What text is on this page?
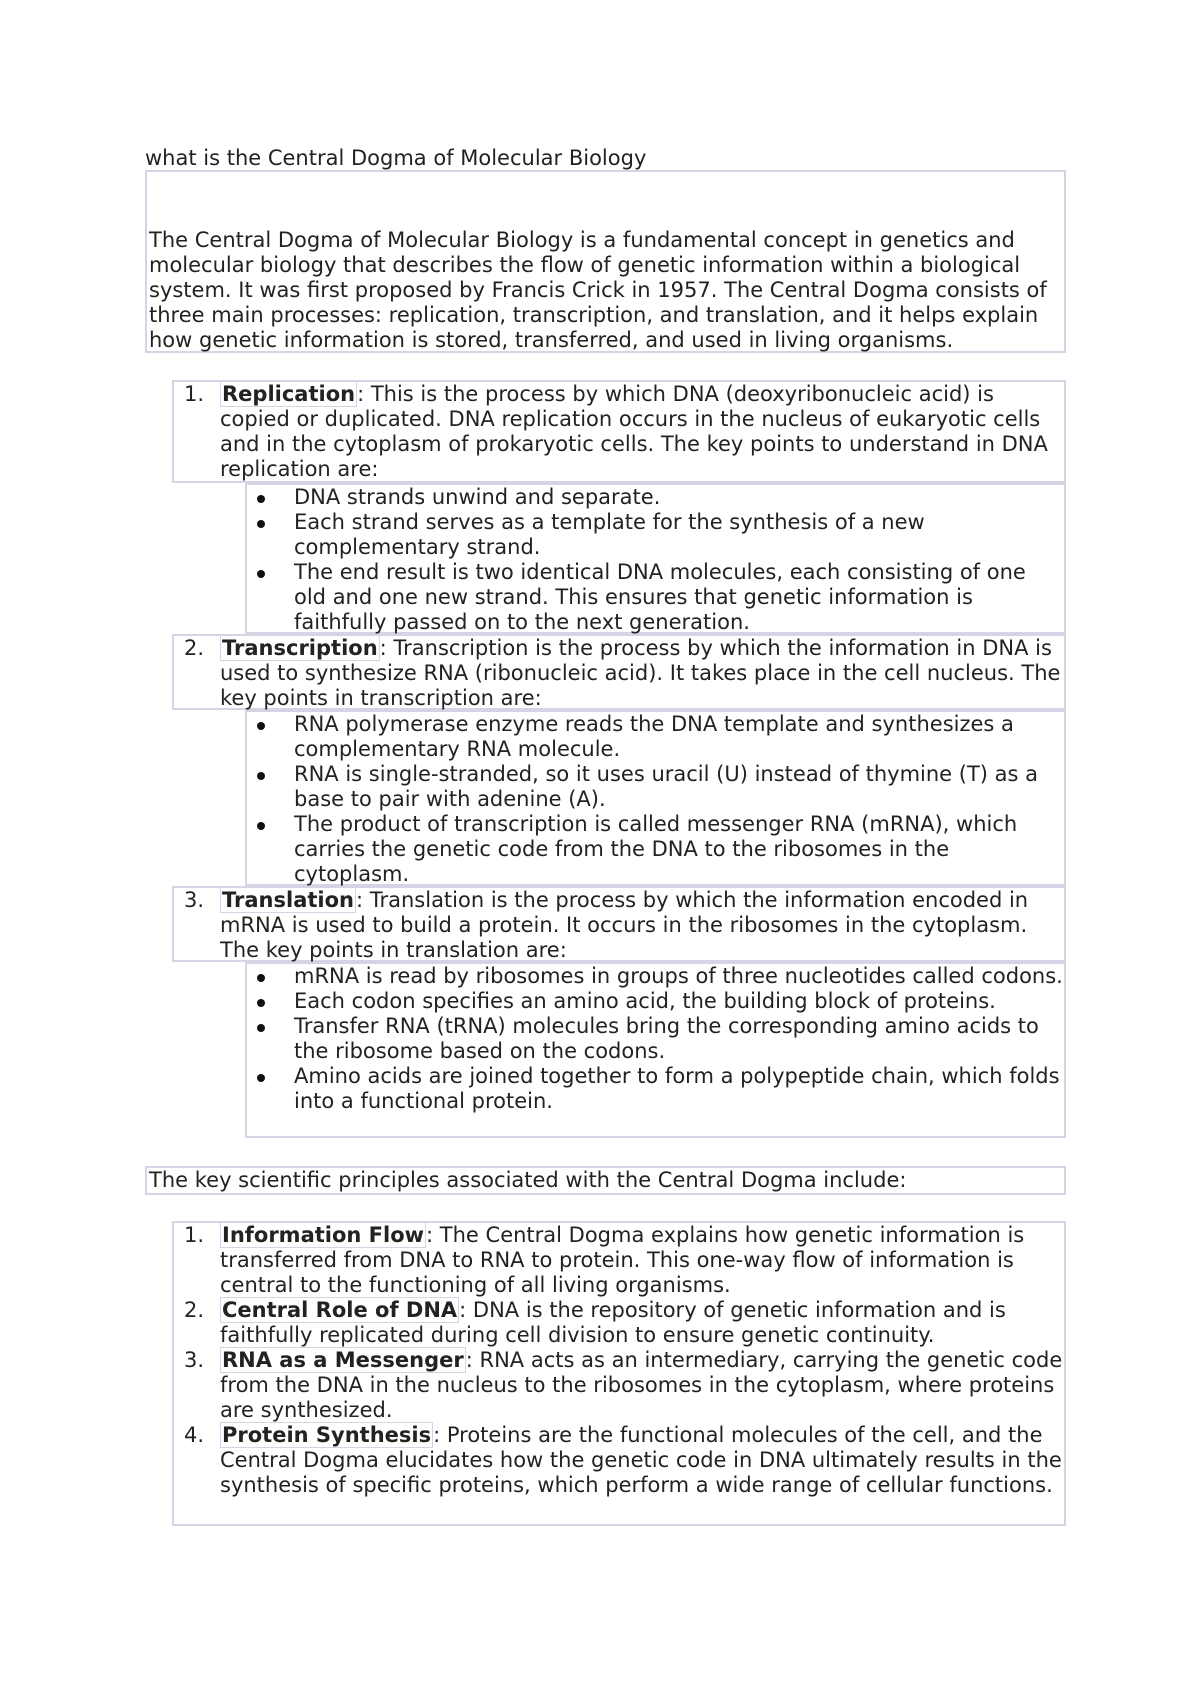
what is the Central Dogma of Molecular Biology
The Central Dogma of Molecular Biology is a fundamental concept in genetics and molecular biology that describes the flow of genetic information within a biological system. It was first proposed by Francis Crick in 1957. The Central Dogma consists of three main processes: replication, transcription, and translation, and it helps explain how genetic information is stored, transferred, and used in living organisms.
1. Replication: This is the process by which DNA (deoxyribonucleic acid) is copied or duplicated. DNA replication occurs in the nucleus of eukaryotic cells and in the cytoplasm of prokaryotic cells. The key points to understand in DNA replication are:
DNA strands unwind and separate.
Each strand serves as a template for the synthesis of a new complementary strand.
The end result is two identical DNA molecules, each consisting of one old and one new strand. This ensures that genetic information is faithfully passed on to the next generation.
2. Transcription: Transcription is the process by which the information in DNA is used to synthesize RNA (ribonucleic acid). It takes place in the cell nucleus. The key points in transcription are:
RNA polymerase enzyme reads the DNA template and synthesizes a complementary RNA molecule.
RNA is single-stranded, so it uses uracil (U) instead of thymine (T) as a base to pair with adenine (A).
The product of transcription is called messenger RNA (mRNA), which carries the genetic code from the DNA to the ribosomes in the cytoplasm.
3. Translation: Translation is the process by which the information encoded in mRNA is used to build a protein. It occurs in the ribosomes in the cytoplasm. The key points in translation are:
mRNA is read by ribosomes in groups of three nucleotides called codons.
Each codon specifies an amino acid, the building block of proteins.
Transfer RNA (tRNA) molecules bring the corresponding amino acids to the ribosome based on the codons.
Amino acids are joined together to form a polypeptide chain, which folds into a functional protein.
The key scientific principles associated with the Central Dogma include:
1. Information Flow: The Central Dogma explains how genetic information is transferred from DNA to RNA to protein. This one-way flow of information is central to the functioning of all living organisms.
2. Central Role of DNA: DNA is the repository of genetic information and is faithfully replicated during cell division to ensure genetic continuity.
3. RNA as a Messenger: RNA acts as an intermediary, carrying the genetic code from the DNA in the nucleus to the ribosomes in the cytoplasm, where proteins are synthesized.
4. Protein Synthesis: Proteins are the functional molecules of the cell, and the Central Dogma elucidates how the genetic code in DNA ultimately results in the synthesis of specific proteins, which perform a wide range of cellular functions.
